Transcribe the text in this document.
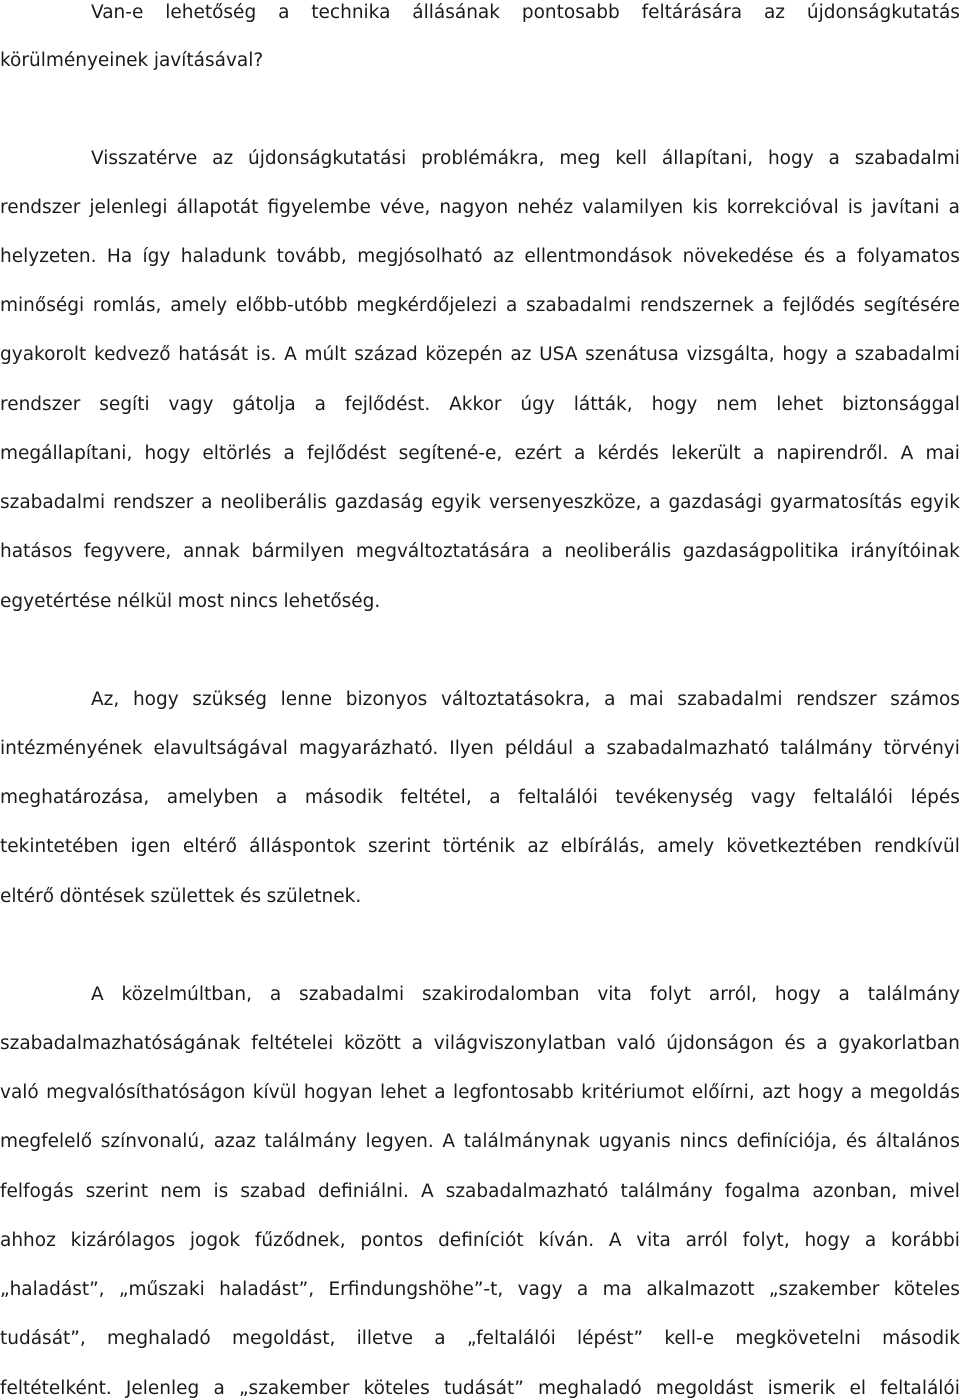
Van-e lehetőség a technika állásának pontosabb feltárására az újdonságkutatás
körülményeinek javításával?
Visszatérve az újdonságkutatási problémákra, meg kell állapítani, hogy a szabadalmi
rendszer jelenlegi állapotát figyelembe véve, nagyon nehéz valamilyen kis korrekcióval is javítani a
helyzeten. Ha így haladunk tovább, megjósolható az ellentmondások növekedése és a folyamatos
minőségi romlás, amely előbb-utóbb megkérdőjelezi a szabadalmi rendszernek a fejlődés segítésére
gyakorolt kedvező hatását is. A múlt század közepén az USA szenátusa vizsgálta, hogy a szabadalmi
rendszer segíti vagy gátolja a fejlődést. Akkor úgy látták, hogy nem lehet biztonsággal
megállapítani, hogy eltörlés a fejlődést segítené-e, ezért a kérdés lekerült a napirendről. A mai
szabadalmi rendszer a neoliberális gazdaság egyik versenyeszköze, a gazdasági gyarmatosítás egyik
hatásos fegyvere, annak bármilyen megváltoztatására a neoliberális gazdaságpolitika irányítóinak
egyetértése nélkül most nincs lehetőség.
Az, hogy szükség lenne bizonyos változtatásokra, a mai szabadalmi rendszer számos
intézményének elavultságával magyarázható. Ilyen például a szabadalmazható találmány törvényi
meghatározása, amelyben a második feltétel, a feltalálói tevékenység vagy feltalálói lépés
tekintetében igen eltérő álláspontok szerint történik az elbírálás, amely következtében rendkívül
eltérő döntések születtek és születnek.
A közelmúltban, a szabadalmi szakirodalomban vita folyt arról, hogy a találmány
szabadalmazhatóságának feltételei között a világviszonylatban való újdonságon és a gyakorlatban
való megvalósíthatóságon kívül hogyan lehet a legfontosabb kritériumot előírni, azt hogy a megoldás
megfelelő színvonalú, azaz találmány legyen. A találmánynak ugyanis nincs definíciója, és általános
felfogás szerint nem is szabad definiálni. A szabadalmazható találmány fogalma azonban, mivel
ahhoz kizárólagos jogok fűződnek, pontos definíciót kíván. A vita arról folyt, hogy a korábbi
„haladást”, „műszaki haladást”, Erfindungshöhe”-t, vagy a ma alkalmazott „szakember köteles
tudását”, meghaladó megoldást, illetve a „feltalálói lépést” kell-e megkövetelni második
feltételként. Jelenleg a „szakember köteles tudását” meghaladó megoldást ismerik el feltalálói
